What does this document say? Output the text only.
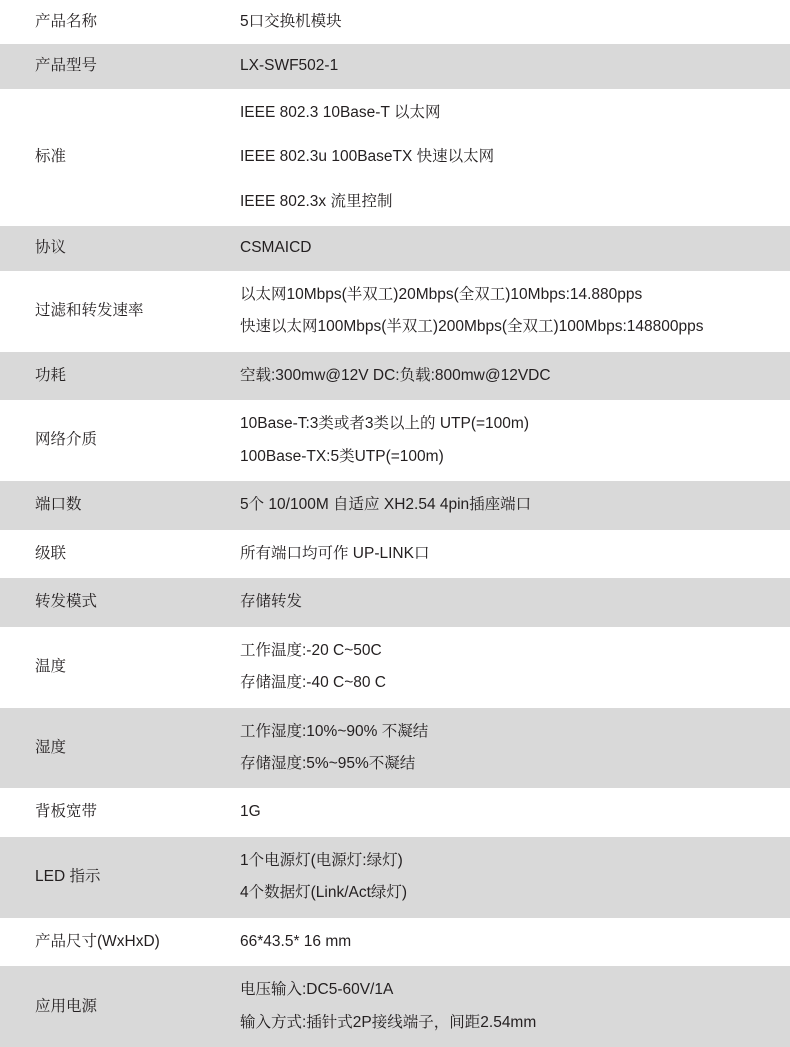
产品名称	5口交换机模块

产品型号	LX-SWF502-1

标准	IEEE 802.3 10Base-T 以太网
IEEE 802.3u 100BaseTX 快速以太网
IEEE 802.3x 流里控制

协议	CSMAICD

过滤和转发速率	以太网10Mbps(半双工)20Mbps(全双工)10Mbps:14.880pps
快速以太网100Mbps(半双工)200Mbps(全双工)100Mbps:148800pps

功耗	空载:300mw@12V DC:负载:800mw@12VDC

网络介质	10Base-T:3类或者3类以上的 UTP(=100m)
100Base-TX:5类UTP(=100m)

端口数	5个 10/100M 自适应 XH2.54 4pin插座端口

级联	所有端口均可作 UP-LINK口

转发模式	存储转发

温度	工作温度:-20 C~50C
存储温度:-40 C~80 C

湿度	工作湿度:10%~90% 不凝结
存储湿度:5%~95%不凝结

背板宽带	1G

LED 指示	1个电源灯(电源灯:绿灯)
4个数据灯(Link/Act绿灯)

产品尺寸(WxHxD)	66*43.5* 16 mm

应用电源	电压输入:DC5-60V/1A
输入方式:插针式2P接线端子，间距2.54mm
